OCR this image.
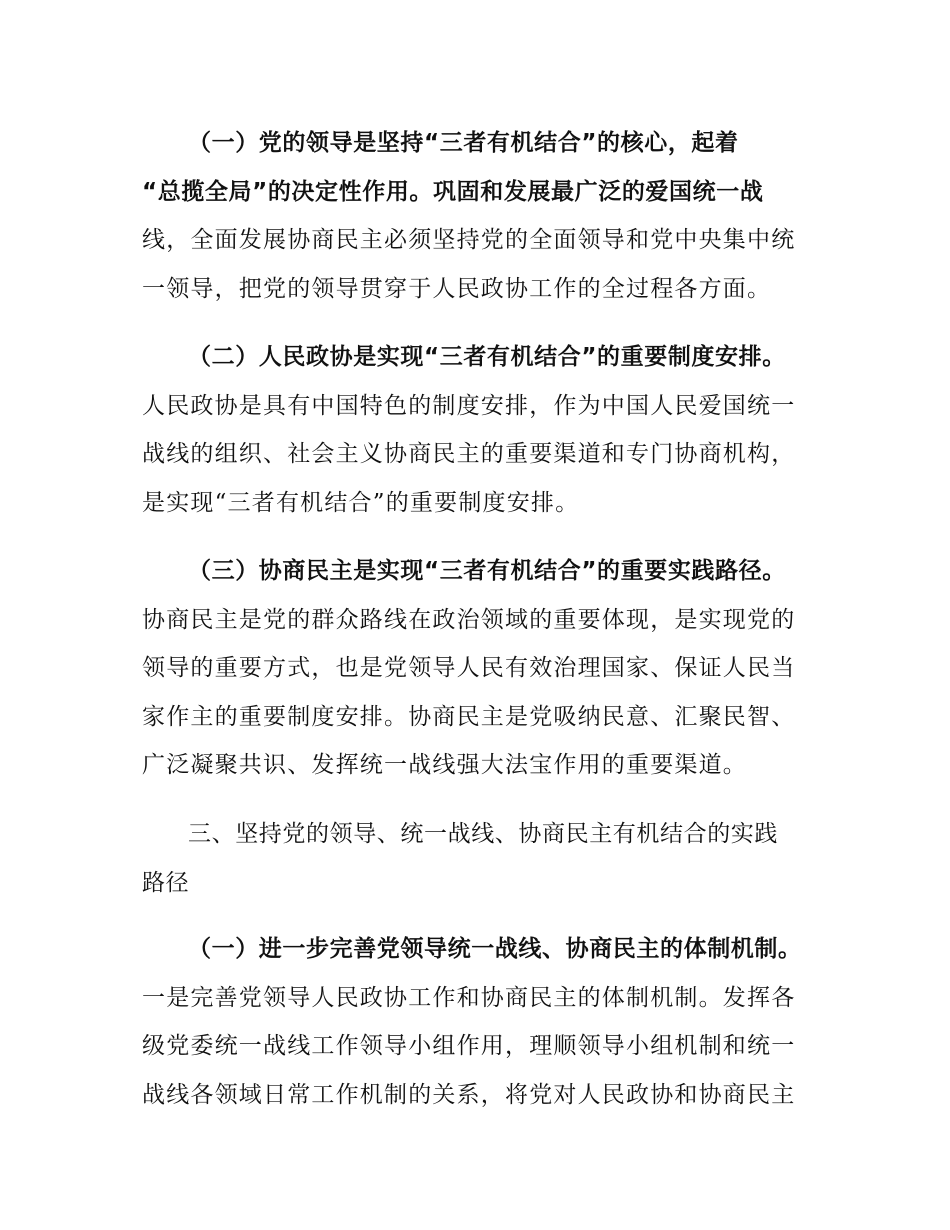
（一）党的领导是坚持“三者有机结合”的核心，起着
“总揽全局”的决定性作用。巩固和发展最广泛的爱国统一战
线，全面发展协商民主必须坚持党的全面领导和党中央集中统
一领导，把党的领导贯穿于人民政协工作的全过程各方面。
（二）人民政协是实现“三者有机结合”的重要制度安排。
人民政协是具有中国特色的制度安排，作为中国人民爱国统一
战线的组织、社会主义协商民主的重要渠道和专门协商机构，
是实现“三者有机结合”的重要制度安排。
（三）协商民主是实现“三者有机结合”的重要实践路径。
协商民主是党的群众路线在政治领域的重要体现，是实现党的
领导的重要方式，也是党领导人民有效治理国家、保证人民当
家作主的重要制度安排。协商民主是党吸纳民意、汇聚民智、
广泛凝聚共识、发挥统一战线强大法宝作用的重要渠道。
三、坚持党的领导、统一战线、协商民主有机结合的实践
路径
（一）进一步完善党领导统一战线、协商民主的体制机制。
一是完善党领导人民政协工作和协商民主的体制机制。发挥各
级党委统一战线工作领导小组作用，理顺领导小组机制和统一
战线各领域日常工作机制的关系，将党对人民政协和协商民主
